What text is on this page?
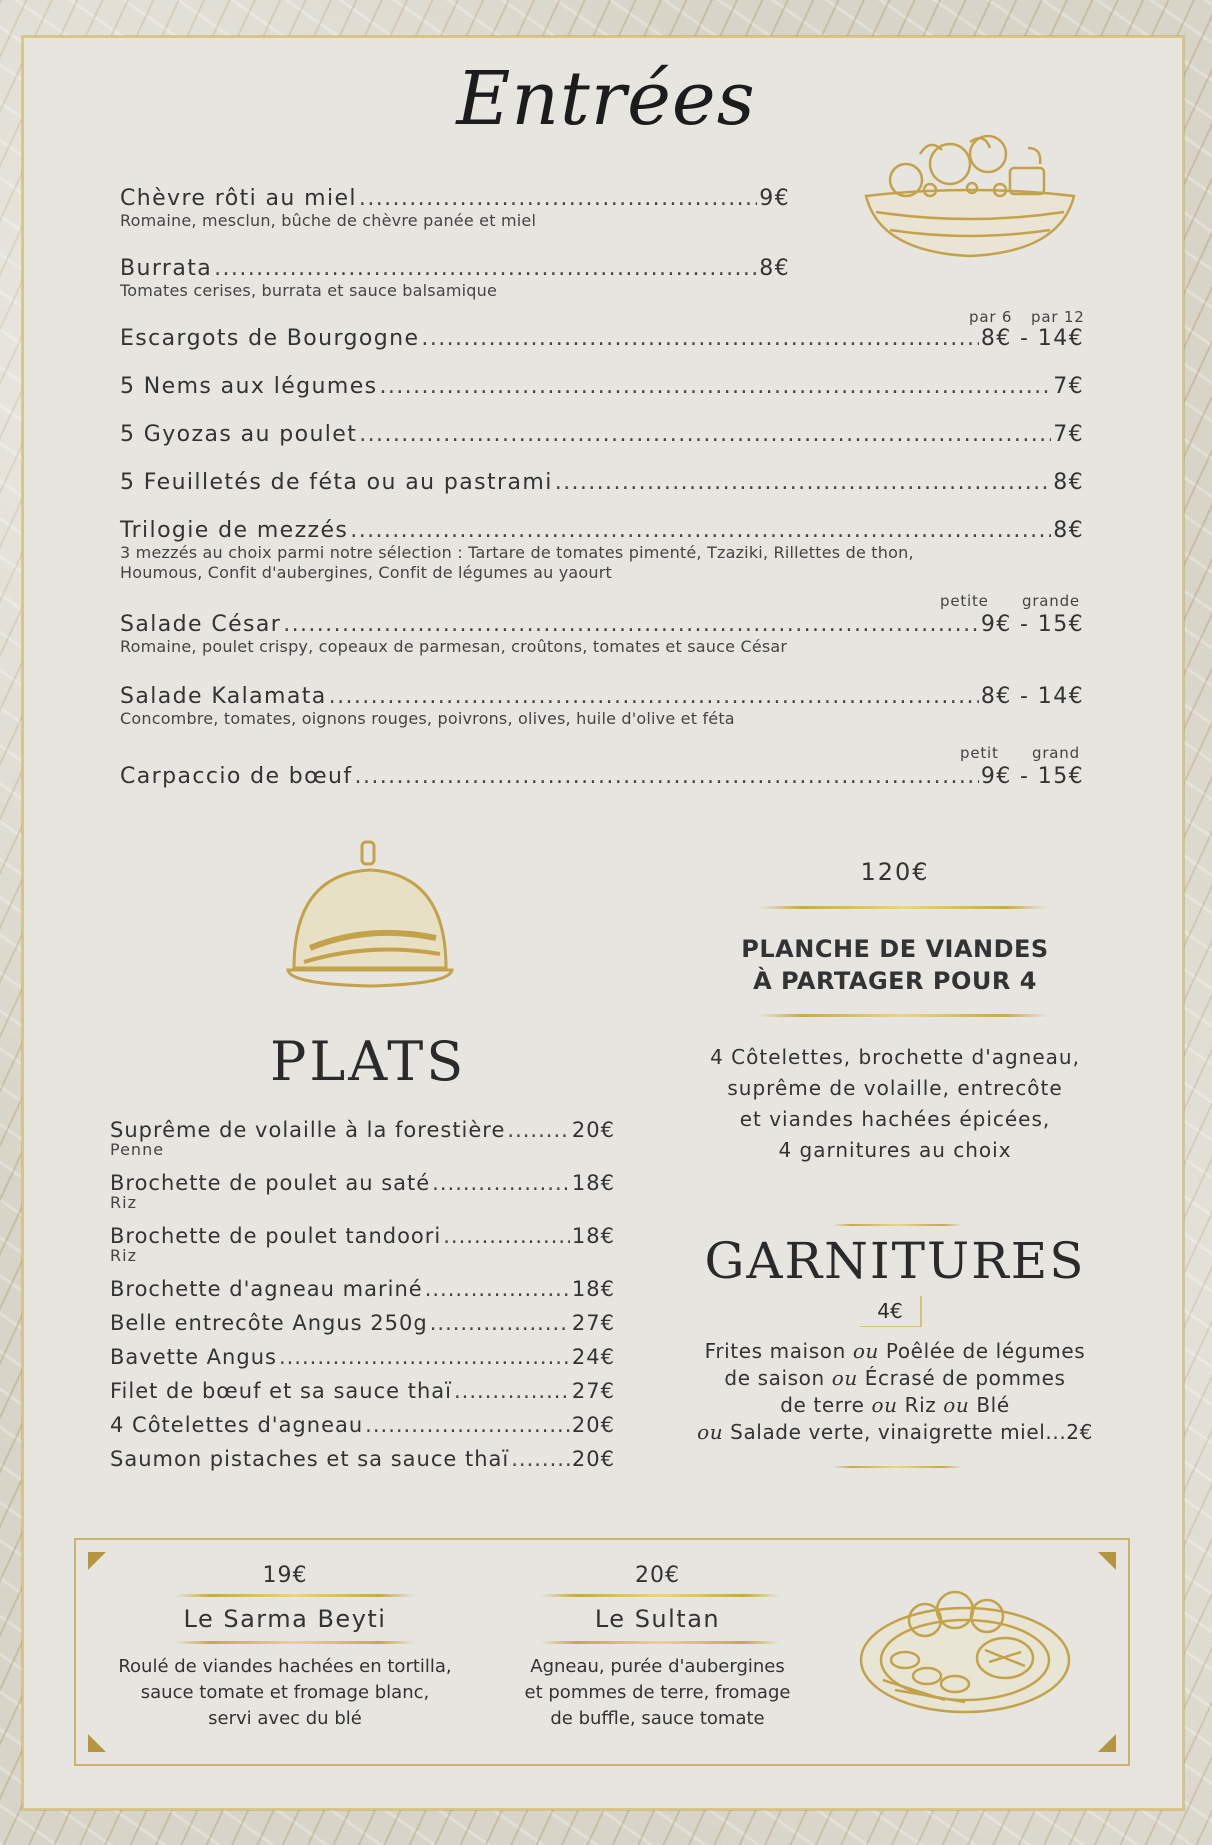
Entrées
Chèvre rôti au miel .....	9€
Romaine, mesclun, bûche de chèvre panée et miel
Burrata .....	8€
Tomates cerises, burrata et sauce balsamique
par 6 par 12
Escargots de Bourgogne .....	8€ - 14€
5 Nems aux légumes .....	7€
5 Gyozas au poulet .....	7€
5 Feuilletés de féta ou au pastrami .....	8€
Trilogie de mezzés .....	8€
3 mezzés au choix parmi notre sélection : Tartare de tomates pimenté, Tzaziki, Rillettes de thon,
Houmous, Confit d'aubergines, Confit de légumes au yaourt
petite grande
Salade César .....	9€ - 15€
Romaine, poulet crispy, copeaux de parmesan, croûtons, tomates et sauce César
Salade Kalamata .....	8€ - 14€
Concombre, tomates, oignons rouges, poivrons, olives, huile d'olive et féta
petit grand
Carpaccio de bœuf .....	9€ - 15€
PLATS
Suprême de volaille à la forestière .....	20€
Penne
Brochette de poulet au saté .....	18€
Riz
Brochette de poulet tandoori .....	18€
Riz
Brochette d'agneau mariné .....	18€
Belle entrecôte Angus 250g .....	27€
Bavette Angus .....	24€
Filet de bœuf et sa sauce thaï .....	27€
4 Côtelettes d'agneau .....	20€
Saumon pistaches et sa sauce thaï .....	20€
120€
PLANCHE DE VIANDES
À PARTAGER POUR 4
4 Côtelettes, brochette d'agneau,
suprême de volaille, entrecôte
et viandes hachées épicées,
4 garnitures au choix
GARNITURES
4€
Frites maison ou Poêlée de légumes
de saison ou Écrasé de pommes
de terre ou Riz ou Blé
ou Salade verte, vinaigrette miel...2€
19€
Le Sarma Beyti
Roulé de viandes hachées en tortilla,
sauce tomate et fromage blanc,
servi avec du blé
20€
Le Sultan
Agneau, purée d'aubergines
et pommes de terre, fromage
de buffle, sauce tomate
